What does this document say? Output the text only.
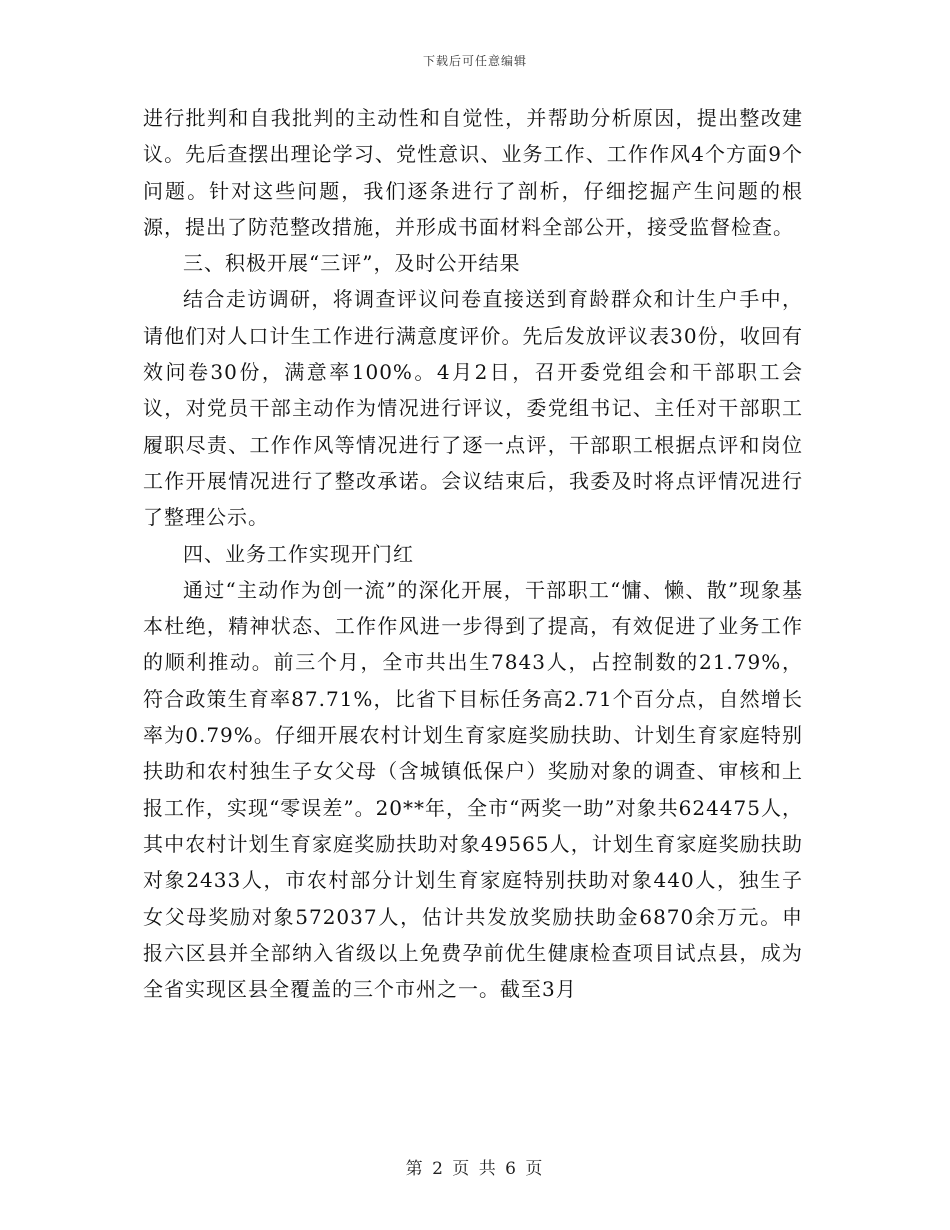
下载后可任意编辑

进行批判和自我批判的主动性和自觉性，并帮助分析原因，提出整改建议。先后查摆出理论学习、党性意识、业务工作、工作作风4个方面9个问题。针对这些问题，我们逐条进行了剖析，仔细挖掘产生问题的根源，提出了防范整改措施，并形成书面材料全部公开，接受监督检查。

三、积极开展“三评”，及时公开结果

结合走访调研，将调查评议问卷直接送到育龄群众和计生户手中，请他们对人口计生工作进行满意度评价。先后发放评议表30份，收回有效问卷30份，满意率100%。4月2日，召开委党组会和干部职工会议，对党员干部主动作为情况进行评议，委党组书记、主任对干部职工履职尽责、工作作风等情况进行了逐一点评，干部职工根据点评和岗位工作开展情况进行了整改承诺。会议结束后，我委及时将点评情况进行了整理公示。

四、业务工作实现开门红

通过“主动作为创一流”的深化开展，干部职工“慵、懒、散”现象基本杜绝，精神状态、工作作风进一步得到了提高，有效促进了业务工作的顺利推动。前三个月，全市共出生7843人，占控制数的21.79%，符合政策生育率87.71%，比省下目标任务高2.71个百分点，自然增长率为0.79%。仔细开展农村计划生育家庭奖励扶助、计划生育家庭特别扶助和农村独生子女父母（含城镇低保户）奖励对象的调查、审核和上报工作，实现“零误差”。20**年，全市“两奖一助”对象共624475人，其中农村计划生育家庭奖励扶助对象49565人，计划生育家庭奖励扶助对象2433人，市农村部分计划生育家庭特别扶助对象440人，独生子女父母奖励对象572037人，估计共发放奖励扶助金6870余万元。申报六区县并全部纳入省级以上免费孕前优生健康检查项目试点县，成为全省实现区县全覆盖的三个市州之一。截至3月

第 2 页 共 6 页
